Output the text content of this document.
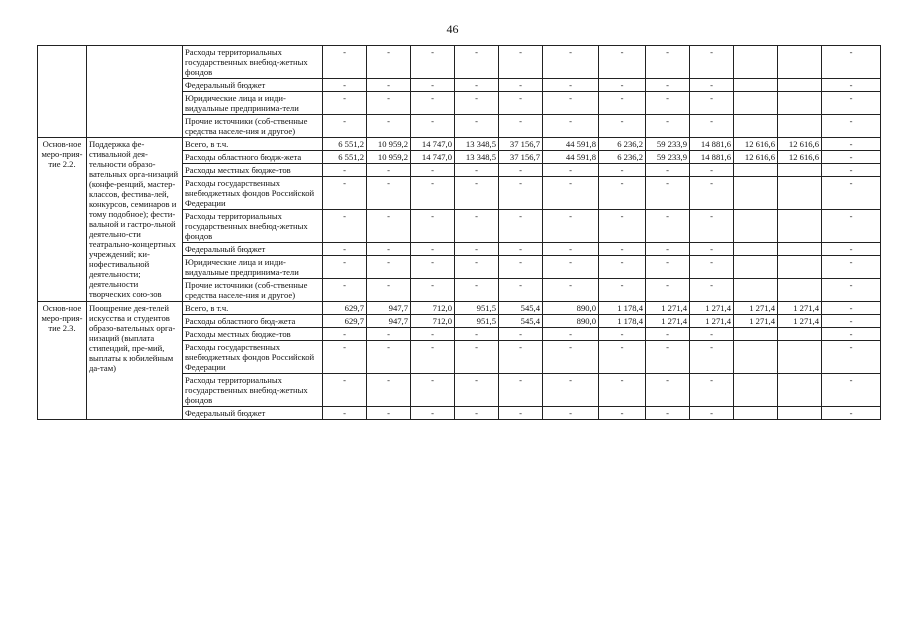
46
		Расходы территориальных государственных внебюд-жетных фондов	-	-	-	-	-	-	-	-	-			-
		Федеральный бюджет	-	-	-	-	-	-	-	-	-			-
		Юридические лица и инди-видуальные предпринима-тели	-	-	-	-	-	-	-	-	-			-
		Прочие источники (соб-ственные средства населе-ния и другое)	-	-	-	-	-	-	-	-	-			-
Основ-ное меро-прия-тие 2.2.	Поддержка фе-стивальной дея-тельности образо-вательных орга-низаций (конфе-ренций, мастер-классов, фестива-лей, конкурсов, семинаров и тому подобное); фести-вальной и гастро-льной деятельно-сти театрально-концертных учреждений; ки-нофестивальной деятельности; деятельности творческих сою-зов	Всего, в т.ч.	6 551,2	10 959,2	14 747,0	13 348,5	37 156,7	44 591,8	6 236,2	59 233,9	14 881,6	12 616,6	12 616,6	-
		Расходы областного бюдж-жета	6 551,2	10 959,2	14 747,0	13 348,5	37 156,7	44 591,8	6 236,2	59 233,9	14 881,6	12 616,6	12 616,6	-
		Расходы местных бюдже-тов	-	-	-	-	-	-	-	-	-			-
		Расходы государственных внебюджетных фондов Российской Федерации	-	-	-	-	-	-	-	-	-			-
		Расходы территориальных государственных внебюд-жетных фондов	-	-	-	-	-	-	-	-	-			-
		Федеральный бюджет	-	-	-	-	-	-	-	-	-			-
		Юридические лица и инди-видуальные предпринима-тели	-	-	-	-	-	-	-	-	-			-
		Прочие источники (соб-ственные средства населе-ния и другое)	-	-	-	-	-	-	-	-	-			-
Основ-ное меро-прия-тие 2.3.	Поощрение дея-телей искусства и студентов образо-вательных орга-низаций (выплата стипендий, пре-мий, выплаты к юбилейным да-там)	Всего, в т.ч.	629,7	947,7	712,0	951,5	545,4	890,0	1 178,4	1 271,4	1 271,4	1 271,4	1 271,4	-
		Расходы областного бюд-жета	629,7	947,7	712,0	951,5	545,4	890,0	1 178,4	1 271,4	1 271,4	1 271,4	1 271,4	-
		Расходы местных бюдже-тов	-	-	-	-	-	-	-	-	-			-
		Расходы государственных внебюджетных фондов Российской Федерации	-	-	-	-	-	-	-	-	-			-
		Расходы территориальных государственных внебюд-жетных фондов	-	-	-	-	-	-	-	-	-			-
		Федеральный бюджет	-	-	-	-	-	-	-	-	-			-
